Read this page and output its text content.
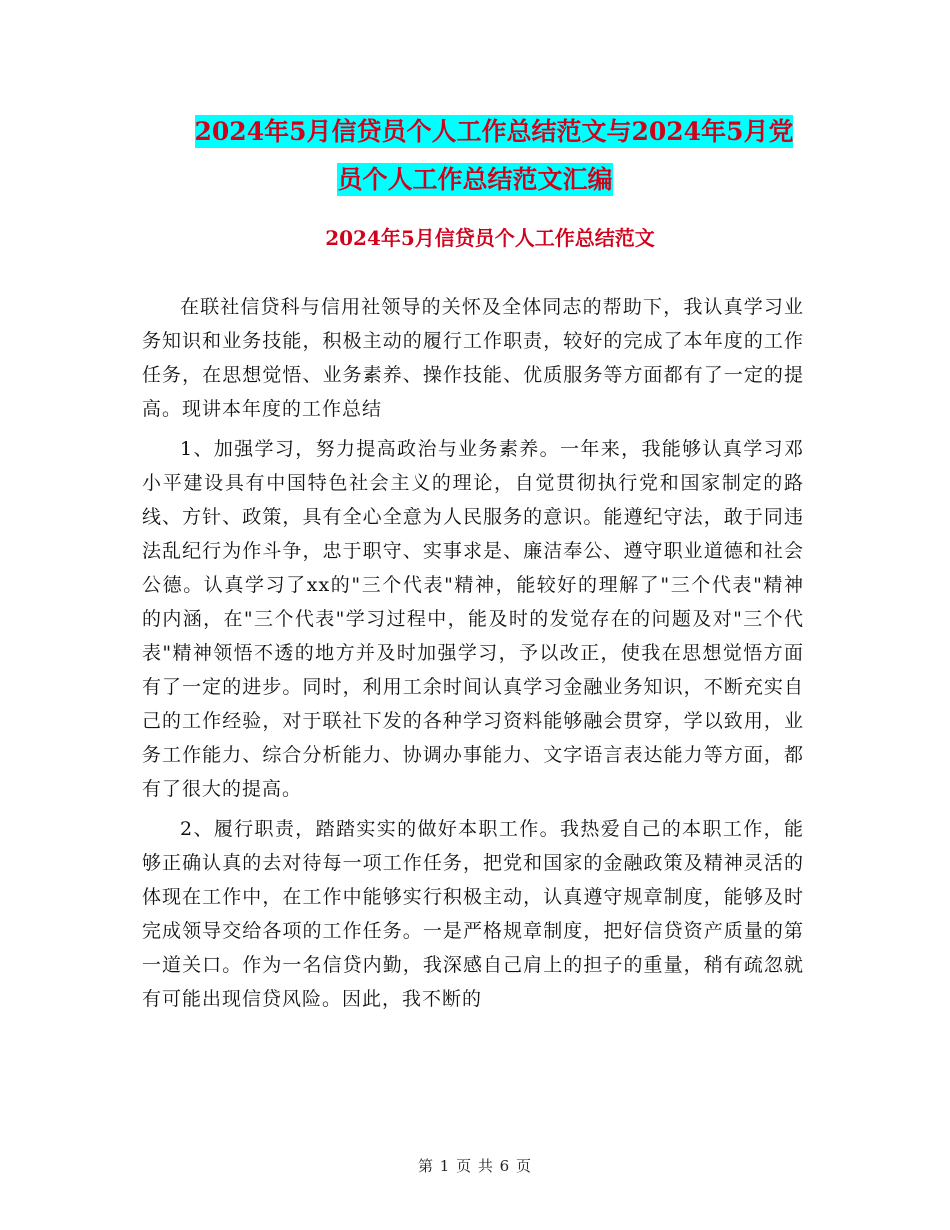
2024年5月信贷员个人工作总结范文与2024年5月党
员个人工作总结范文汇编
2024年5月信贷员个人工作总结范文

在联社信贷科与信用社领导的关怀及全体同志的帮助下，我认真学习业务知识和业务技能，积极主动的履行工作职责，较好的完成了本年度的工作任务，在思想觉悟、业务素养、操作技能、优质服务等方面都有了一定的提高。现讲本年度的工作总结

1、加强学习，努力提高政治与业务素养。一年来，我能够认真学习邓小平建设具有中国特色社会主义的理论，自觉贯彻执行党和国家制定的路线、方针、政策，具有全心全意为人民服务的意识。能遵纪守法，敢于同违法乱纪行为作斗争，忠于职守、实事求是、廉洁奉公、遵守职业道德和社会公德。认真学习了xx的"三个代表"精神，能较好的理解了"三个代表"精神的内涵，在"三个代表"学习过程中，能及时的发觉存在的问题及对"三个代表"精神领悟不透的地方并及时加强学习，予以改正，使我在思想觉悟方面有了一定的进步。同时，利用工余时间认真学习金融业务知识，不断充实自己的工作经验，对于联社下发的各种学习资料能够融会贯穿，学以致用，业务工作能力、综合分析能力、协调办事能力、文字语言表达能力等方面，都有了很大的提高。

2、履行职责，踏踏实实的做好本职工作。我热爱自己的本职工作，能够正确认真的去对待每一项工作任务，把党和国家的金融政策及精神灵活的体现在工作中，在工作中能够实行积极主动，认真遵守规章制度，能够及时完成领导交给各项的工作任务。一是严格规章制度，把好信贷资产质量的第一道关口。作为一名信贷内勤，我深感自己肩上的担子的重量，稍有疏忽就有可能出现信贷风险。因此，我不断的

第 1 页 共 6 页
